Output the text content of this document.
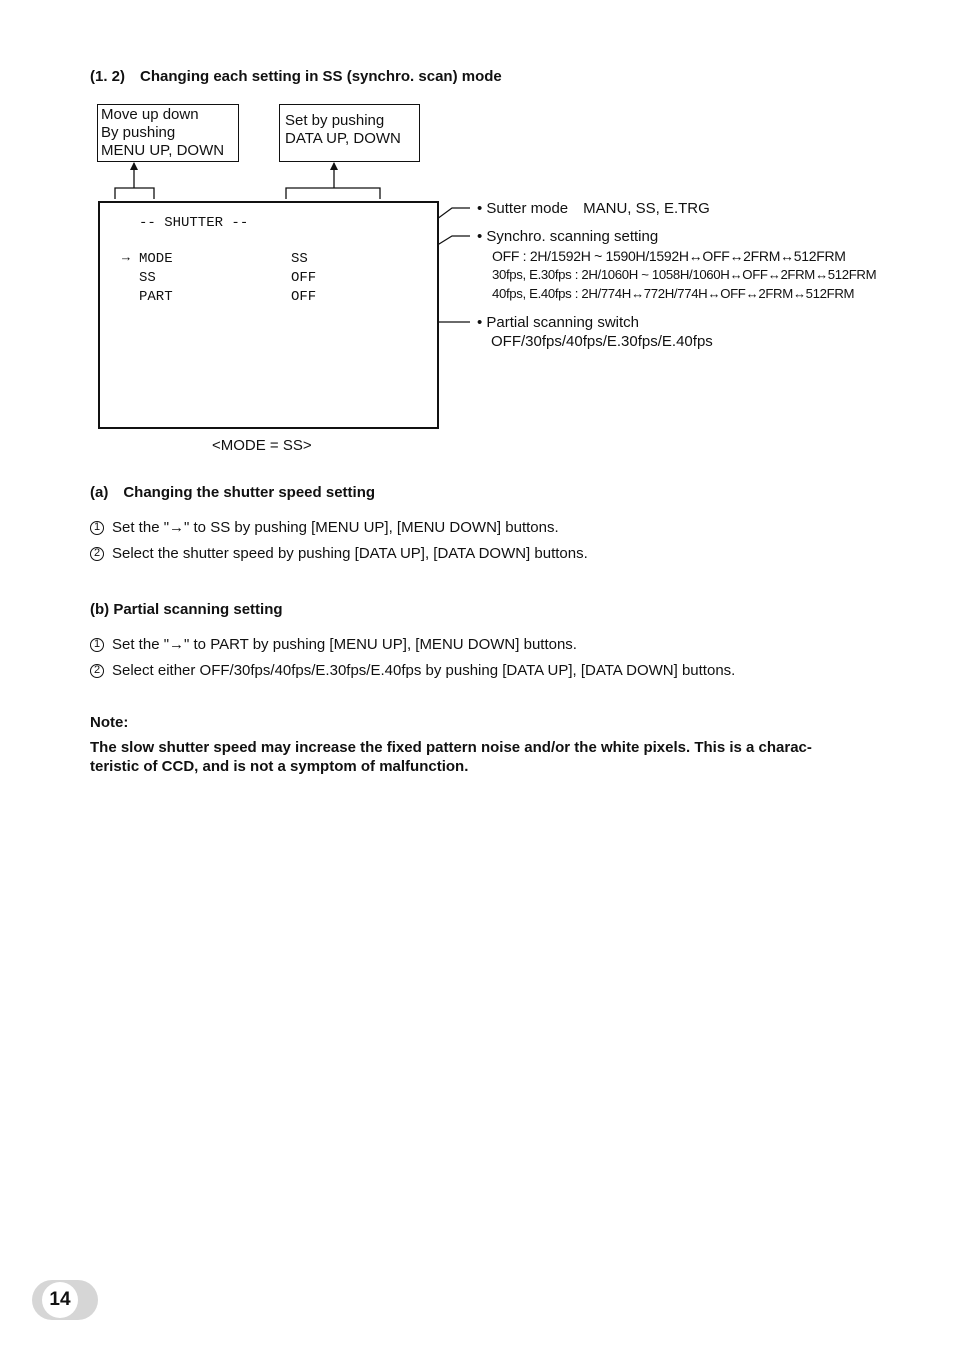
(1. 2) Changing each setting in SS (synchro. scan) mode
Move up down
By pushing
MENU UP, DOWN
Set by pushing
DATA UP, DOWN
-- SHUTTER --
→ MODE	SS
SS	OFF
PART	OFF
<MODE = SS>
• Sutter mode MANU, SS, E.TRG
• Synchro. scanning setting
OFF : 2H/1592H ~ 1590H/1592H↔OFF↔2FRM↔512FRM
30fps, E.30fps : 2H/1060H ~ 1058H/1060H↔OFF↔2FRM↔512FRM
40fps, E.40fps : 2H/774H↔772H/774H↔OFF↔2FRM↔512FRM
• Partial scanning switch
OFF/30fps/40fps/E.30fps/E.40fps
(a) Changing the shutter speed setting
1 Set the "→" to SS by pushing [MENU UP], [MENU DOWN] buttons.
2 Select the shutter speed by pushing [DATA UP], [DATA DOWN] buttons.
(b) Partial scanning setting
1 Set the "→" to PART by pushing [MENU UP], [MENU DOWN] buttons.
2 Select either OFF/30fps/40fps/E.30fps/E.40fps by pushing [DATA UP], [DATA DOWN] buttons.
Note:
The slow shutter speed may increase the fixed pattern noise and/or the white pixels. This is a charac-
teristic of CCD, and is not a symptom of malfunction.
14
